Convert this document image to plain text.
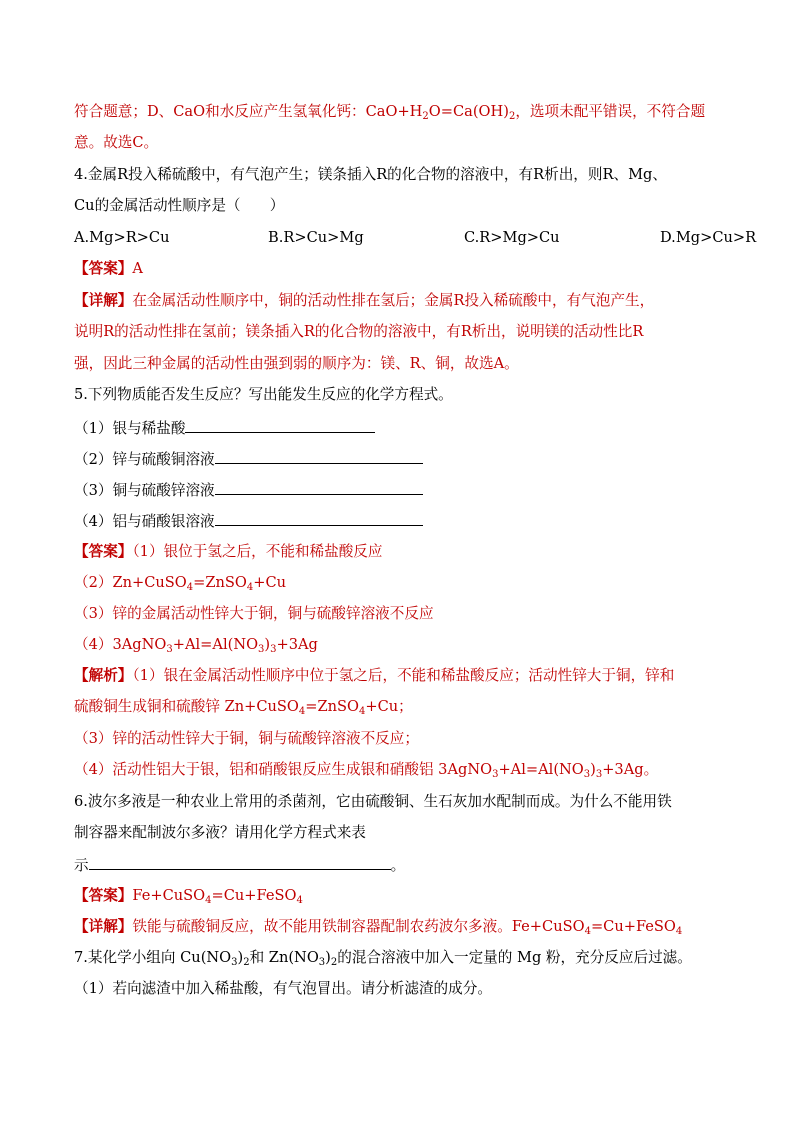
符合题意；D、CaO和水反应产生氢氧化钙：$CaO+H_2O=Ca(OH)_2$，选项未配平错误，不符合题
意。故选C。
4.金属R投入稀硫酸中，有气泡产生；镁条插入R的化合物的溶液中，有R析出，则R、Mg、
Cu的金属活动性顺序是（　　）
A.Mg>R>Cu	B.R>Cu>Mg	C.R>Mg>Cu	D.Mg>Cu>R
【答案】A
【详解】在金属活动性顺序中，铜的活动性排在氢后；金属R投入稀硫酸中，有气泡产生，
说明R的活动性排在氢前；镁条插入R的化合物的溶液中，有R析出，说明镁的活动性比R
强，因此三种金属的活动性由强到弱的顺序为：镁、R、铜，故选A。
5.下列物质能否发生反应？写出能发生反应的化学方程式。
（1）银与稀盐酸
（2）锌与硫酸铜溶液
（3）铜与硫酸锌溶液
（4）铝与硝酸银溶液
【答案】（1）银位于氢之后，不能和稀盐酸反应
（2）Zn+CuSO$_4$=ZnSO$_4$+Cu
（3）锌的金属活动性锌大于铜，铜与硫酸锌溶液不反应
$(4)3AgNO_3+Al=Al(NO_3)_3+3Ag$
【解析】（1）银在金属活动性顺序中位于氢之后，不能和稀盐酸反应；活动性锌大于铜，锌和
硫酸铜生成铜和硫酸锌 Zn+CuSO$_4$=ZnSO$_4$+Cu；
（3）锌的活动性锌大于铜，铜与硫酸锌溶液不反应；
（4）活动性铝大于银，铝和硝酸银反应生成银和硝酸铝 $3AgNO_3+Al=Al(NO_3)_3+3Ag$。
6.波尔多液是一种农业上常用的杀菌剂，它由硫酸铜、生石灰加水配制而成。为什么不能用铁
制容器来配制波尔多液？请用化学方程式来表
示	。
【答案】Fe+CuSO$_4$=Cu+FeSO$_4$
【详解】铁能与硫酸铜反应，故不能用铁制容器配制农药波尔多液。Fe+CuSO$_4$=Cu+FeSO$_4$
7.某化学小组向 $Cu(NO_3)_2$和 $Zn(NO_3)_2$的混合溶液中加入一定量的 Mg 粉，充分反应后过滤。
（1）若向滤渣中加入稀盐酸，有气泡冒出。请分析滤渣的成分。
